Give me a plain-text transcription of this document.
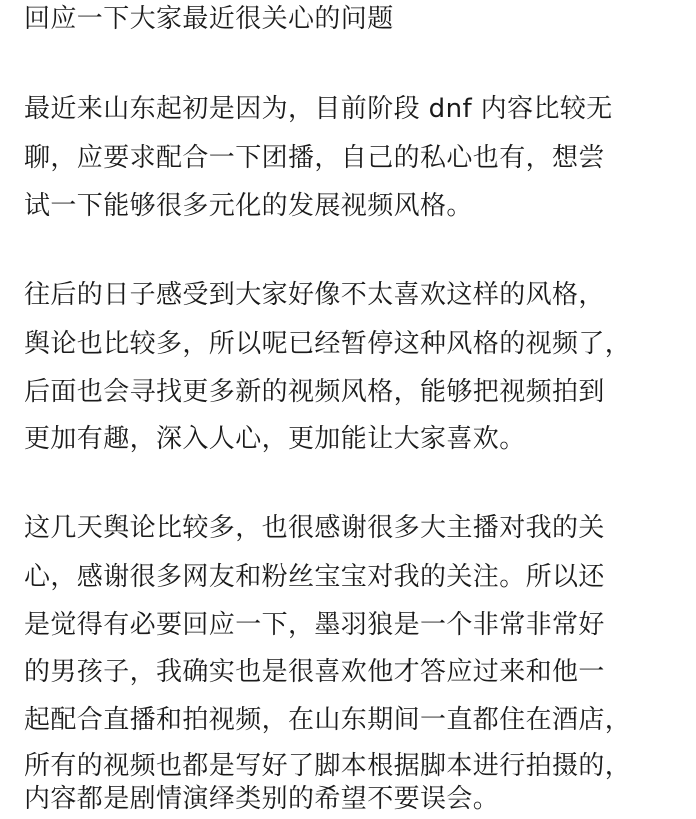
回应一下大家最近很关心的问题
最近来山东起初是因为，目前阶段 dnf 内容比较无
聊，应要求配合一下团播，自己的私心也有，想尝
试一下能够很多元化的发展视频风格。
往后的日子感受到大家好像不太喜欢这样的风格，
舆论也比较多，所以呢已经暂停这种风格的视频了，
后面也会寻找更多新的视频风格，能够把视频拍到
更加有趣，深入人心，更加能让大家喜欢。
这几天舆论比较多，也很感谢很多大主播对我的关
心，感谢很多网友和粉丝宝宝对我的关注。所以还
是觉得有必要回应一下，墨羽狼是一个非常非常好
的男孩子，我确实也是很喜欢他才答应过来和他一
起配合直播和拍视频，在山东期间一直都住在酒店，
所有的视频也都是写好了脚本根据脚本进行拍摄的，
内容都是剧情演绎类别的希望不要误会。
